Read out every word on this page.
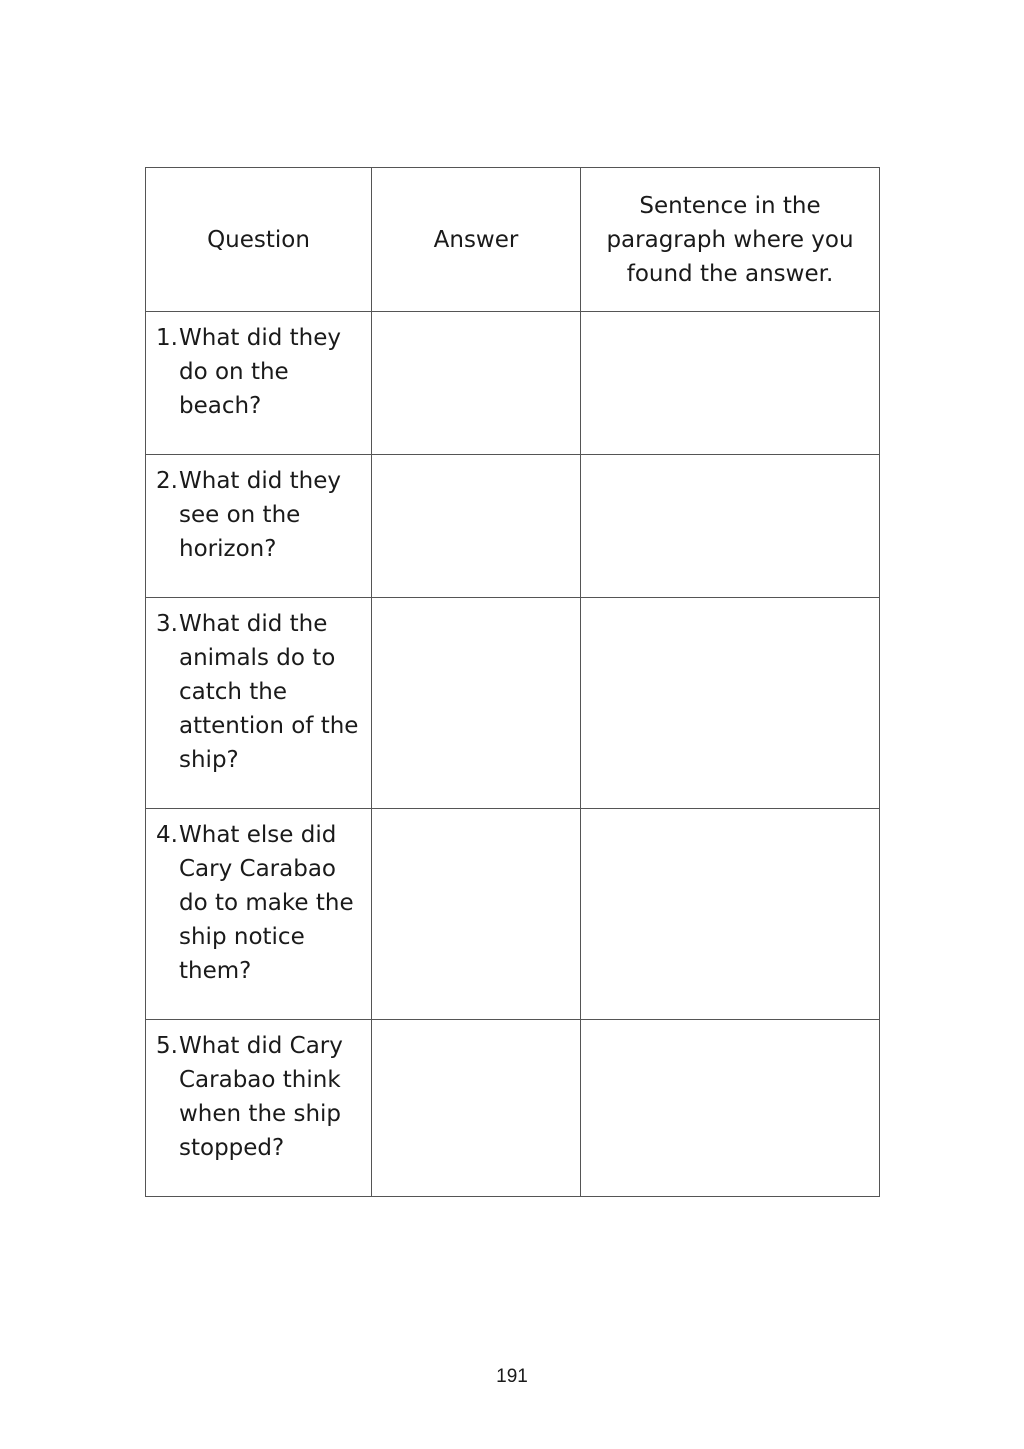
Question	Answer	Sentence in the paragraph where you found the answer.

1. What did they do on the beach?		

2. What did they see on the horizon?		

3. What did the animals do to catch the attention of the ship?		

4. What else did Cary Carabao do to make the ship notice them?		

5. What did Cary Carabao think when the ship stopped?		

191
